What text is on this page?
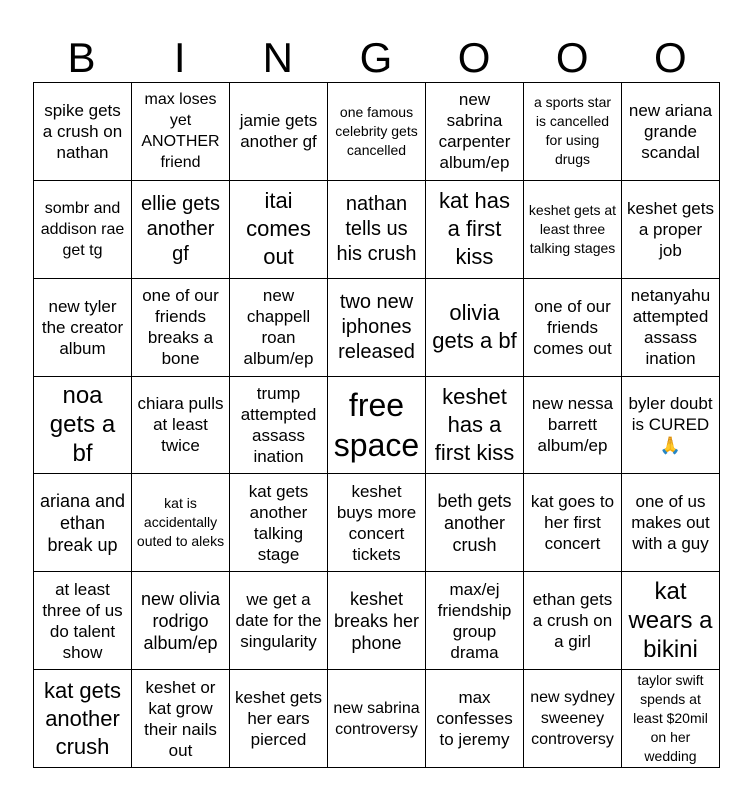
B	I	N	G	O	O	O
spike gets a crush on nathan
max loses yet ANOTHER friend
jamie gets another gf
one famous celebrity gets cancelled
new sabrina carpenter album/ep
a sports star is cancelled for using drugs
new ariana grande scandal
sombr and addison rae get tg
ellie gets another gf
itai comes out
nathan tells us his crush
kat has a first kiss
keshet gets at least three talking stages
keshet gets a proper job
new tyler the creator album
one of our friends breaks a bone
new chappell roan album/ep
two new iphones released
olivia gets a bf
one of our friends comes out
netanyahu attempted assass ination
noa gets a bf
chiara pulls at least twice
trump attempted assass ination
free space
keshet has a first kiss
new nessa barrett album/ep
byler doubt is CURED 🙏
ariana and ethan break up
kat is accidentally outed to aleks
kat gets another talking stage
keshet buys more concert tickets
beth gets another crush
kat goes to her first concert
one of us makes out with a guy
at least three of us do talent show
new olivia rodrigo album/ep
we get a date for the singularity
keshet breaks her phone
max/ej friendship group drama
ethan gets a crush on a girl
kat wears a bikini
kat gets another crush
keshet or kat grow their nails out
keshet gets her ears pierced
new sabrina controversy
max confesses to jeremy
new sydney sweeney controversy
taylor swift spends at least $20mil on her wedding
